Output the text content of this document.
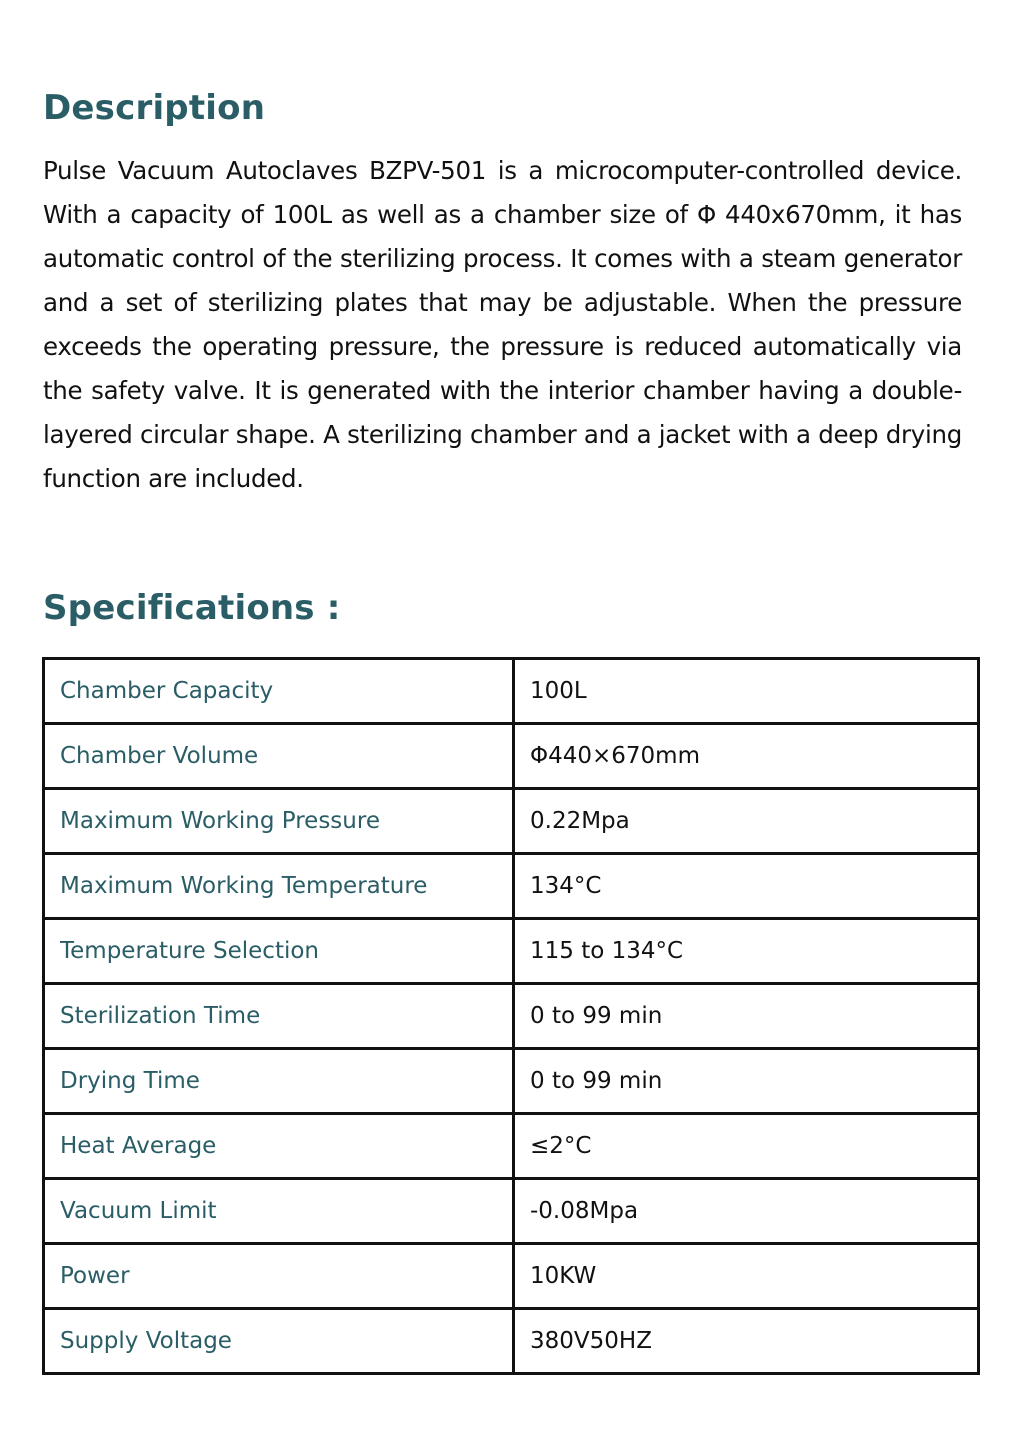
Description

Pulse Vacuum Autoclaves BZPV-501 is a microcomputer-controlled device. With a capacity of 100L as well as a chamber size of Φ 440x670mm, it has automatic control of the sterilizing process. It comes with a steam generator and a set of sterilizing plates that may be adjustable. When the pressure exceeds the operating pressure, the pressure is reduced automatically via the safety valve. It is generated with the interior chamber having a double-layered circular shape. A sterilizing chamber and a jacket with a deep drying function are included.

Specifications :
Chamber Capacity	100L
Chamber Volume	Φ440×670mm
Maximum Working Pressure	0.22Mpa
Maximum Working Temperature	134°C
Temperature Selection	115 to 134°C
Sterilization Time	0 to 99 min
Drying Time	0 to 99 min
Heat Average	≤2°C
Vacuum Limit	-0.08Mpa
Power	10KW
Supply Voltage	380V50HZ
